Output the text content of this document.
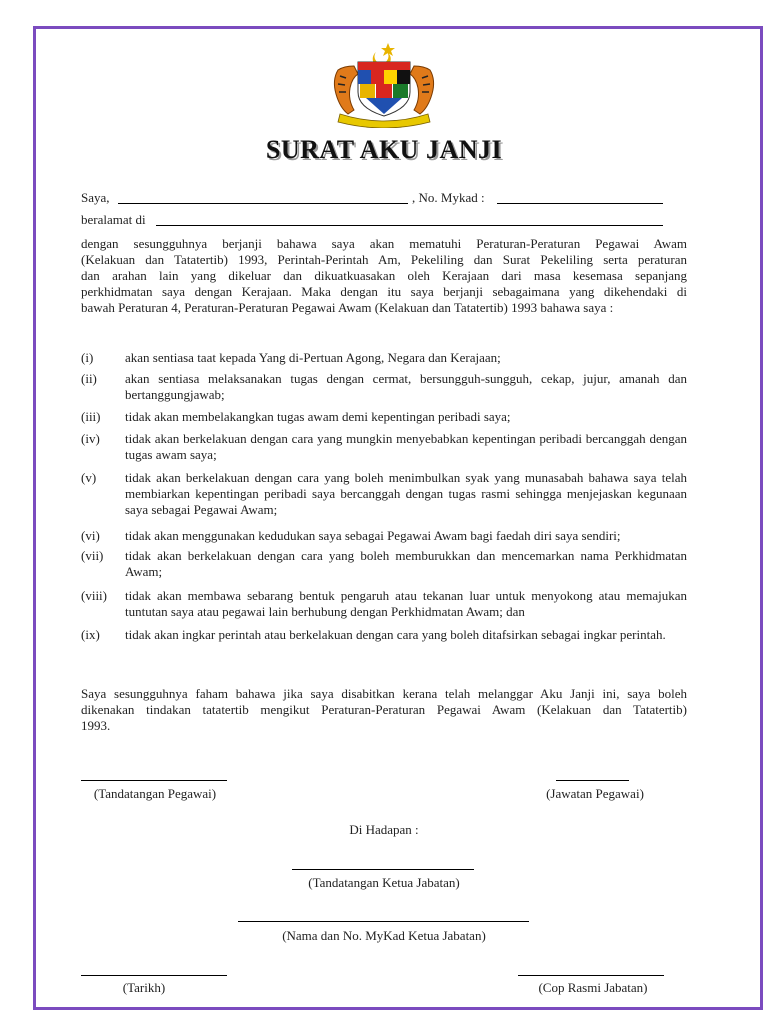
SURAT AKU JANJI
Saya,	, No. Mykad :
beralamat di
dengan sesungguhnya berjanji bahawa saya akan mematuhi Peraturan-Peraturan Pegawai Awam
(Kelakuan dan Tatatertib) 1993, Perintah-Perintah Am, Pekeliling dan Surat Pekeliling serta peraturan
dan arahan lain yang dikeluar dan dikuatkuasakan oleh Kerajaan dari masa kesemasa sepanjang
perkhidmatan saya dengan Kerajaan. Maka dengan itu saya berjanji sebagaimana yang dikehendaki di
bawah Peraturan 4, Peraturan-Peraturan Pegawai Awam (Kelakuan dan Tatatertib) 1993 bahawa saya :
(i) akan sentiasa taat kepada Yang di-Pertuan Agong, Negara dan Kerajaan;
(ii) akan sentiasa melaksanakan tugas dengan cermat, bersungguh-sungguh, cekap, jujur, amanah dan bertanggungjawab;
(iii) tidak akan membelakangkan tugas awam demi kepentingan peribadi saya;
(iv) tidak akan berkelakuan dengan cara yang mungkin menyebabkan kepentingan peribadi bercanggah dengan tugas awam saya;
(v) tidak akan berkelakuan dengan cara yang boleh menimbulkan syak yang munasabah bahawa saya telah membiarkan kepentingan peribadi saya bercanggah dengan tugas rasmi sehingga menjejaskan kegunaan saya sebagai Pegawai Awam;
(vi) tidak akan menggunakan kedudukan saya sebagai Pegawai Awam bagi faedah diri saya sendiri;
(vii) tidak akan berkelakuan dengan cara yang boleh memburukkan dan mencemarkan nama Perkhidmatan Awam;
(viii) tidak akan membawa sebarang bentuk pengaruh atau tekanan luar untuk menyokong atau memajukan tuntutan saya atau pegawai lain berhubung dengan Perkhidmatan Awam; dan
(ix) tidak akan ingkar perintah atau berkelakuan dengan cara yang boleh ditafsirkan sebagai ingkar perintah.
Saya sesungguhnya faham bahawa jika saya disabitkan kerana telah melanggar Aku Janji ini, saya boleh
dikenakan tindakan tatatertib mengikut Peraturan-Peraturan Pegawai Awam (Kelakuan dan Tatatertib)
1993.
(Tandatangan Pegawai)	(Jawatan Pegawai)
Di Hadapan :
(Tandatangan Ketua Jabatan)
(Nama dan No. MyKad Ketua Jabatan)
(Tarikh)	(Cop Rasmi Jabatan)
